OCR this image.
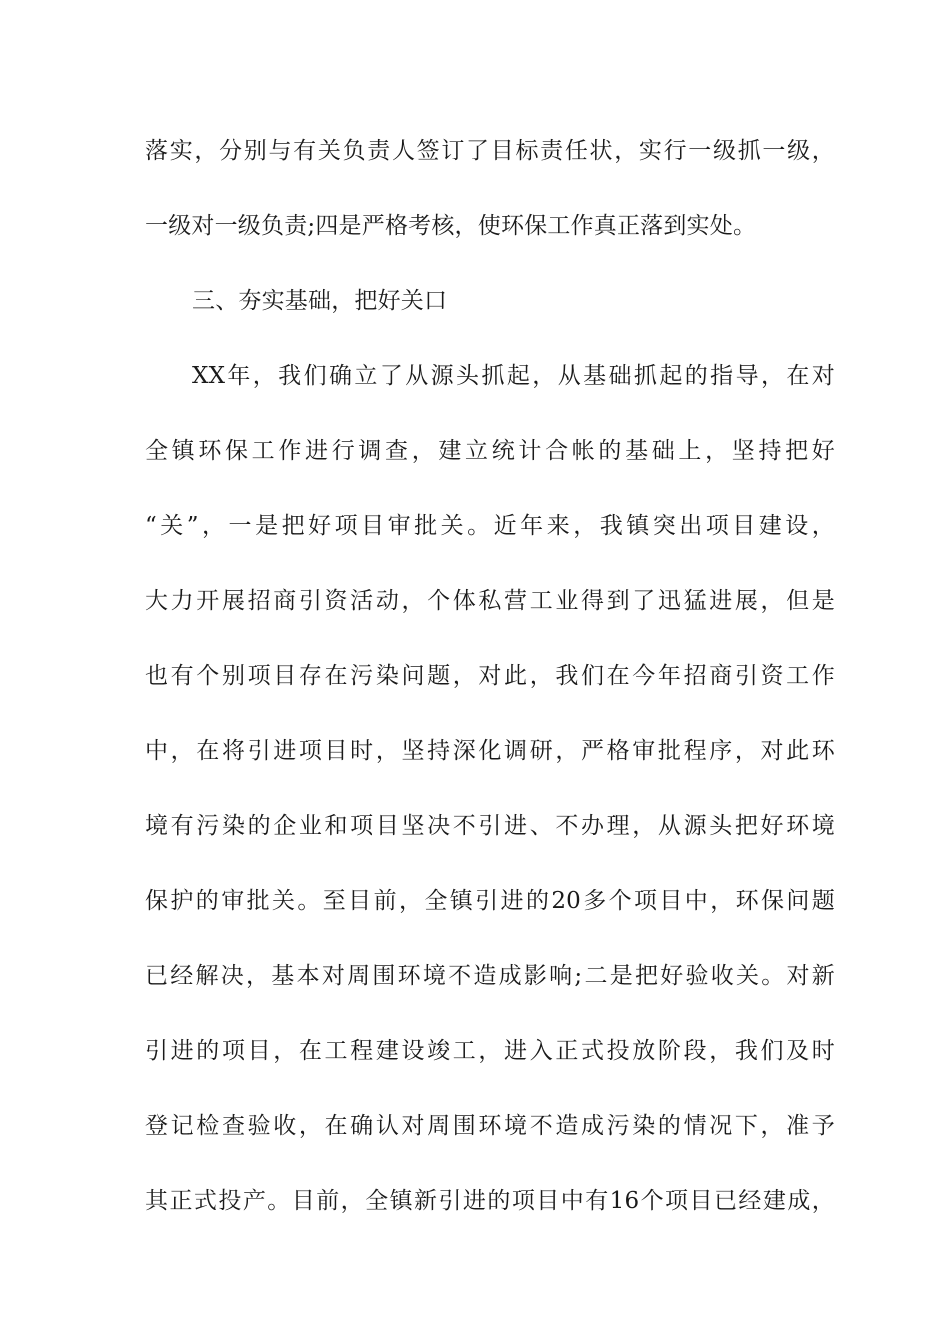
落实，分别与有关负责人签订了目标责任状，实行一级抓一级，
一级对一级负责;四是严格考核，使环保工作真正落到实处。
三、夯实基础，把好关口
XX年，我们确立了从源头抓起，从基础抓起的指导，在对
全镇环保工作进行调查，建立统计合帐的基础上，坚持把好
“关”，一是把好项目审批关。近年来，我镇突出项目建设，
大力开展招商引资活动，个体私营工业得到了迅猛进展，但是
也有个别项目存在污染问题，对此，我们在今年招商引资工作
中，在将引进项目时，坚持深化调研，严格审批程序，对此环
境有污染的企业和项目坚决不引进、不办理，从源头把好环境
保护的审批关。至目前，全镇引进的20多个项目中，环保问题
已经解决，基本对周围环境不造成影响;二是把好验收关。对新
引进的项目，在工程建设竣工，进入正式投放阶段，我们及时
登记检查验收，在确认对周围环境不造成污染的情况下，准予
其正式投产。目前，全镇新引进的项目中有16个项目已经建成，
